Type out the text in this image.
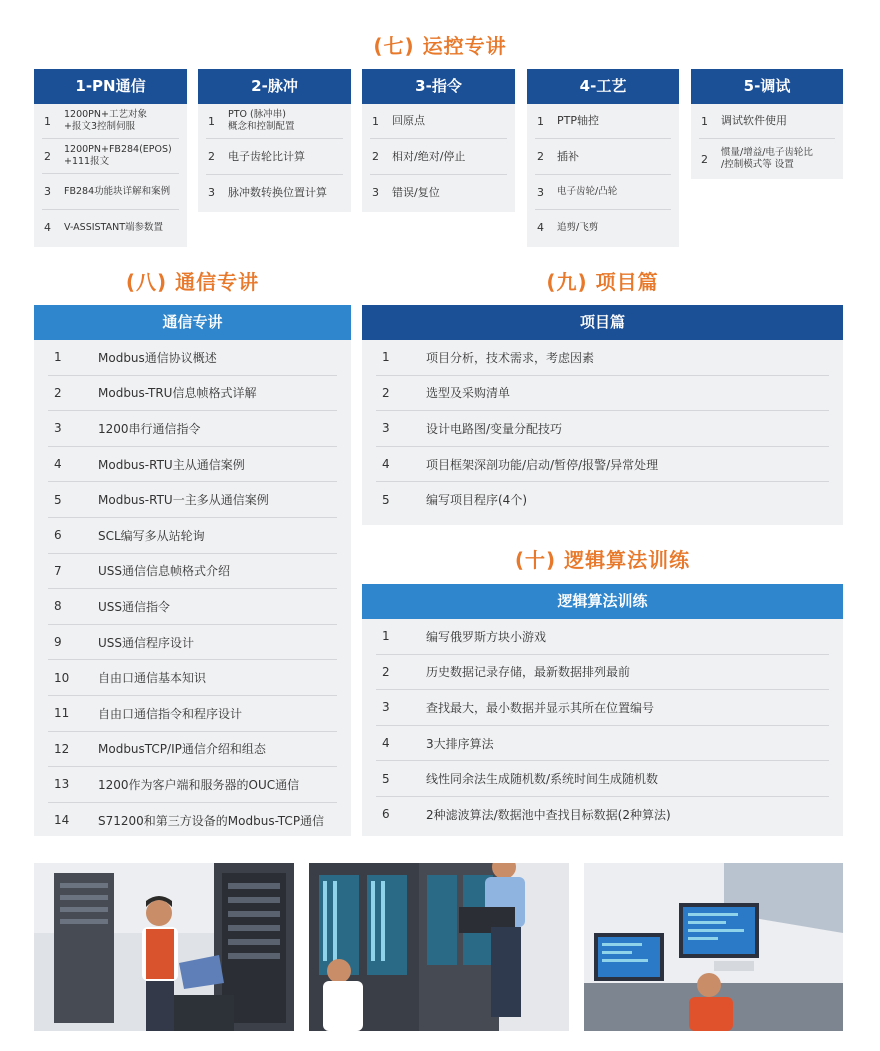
(七) 运控专讲
1-PN通信
1	1200PN+工艺对象
+报文3控制伺服
2	1200PN+FB284(EPOS)
+111报文
3	FB284功能块详解和案例
4	V-ASSISTANT端参数置
2-脉冲
1	PTO (脉冲串)
概念和控制配置
2	电子齿轮比计算
3	脉冲数转换位置计算
3-指令
1	回原点
2	相对/绝对/停止
3	错误/复位
4-工艺
1	PTP轴控
2	插补
3	电子齿轮/凸轮
4	追剪/飞剪
5-调试
1	调试软件使用
2	惯量/增益/电子齿轮比
/控制模式等 设置
(八) 通信专讲
通信专讲
1	Modbus通信协议概述
2	Modbus-TRU信息帧格式详解
3	1200串行通信指令
4	Modbus-RTU主从通信案例
5	Modbus-RTU一主多从通信案例
6	SCL编写多从站轮询
7	USS通信信息帧格式介绍
8	USS通信指令
9	USS通信程序设计
10	自由口通信基本知识
11	自由口通信指令和程序设计
12	ModbusTCP/IP通信介绍和组态
13	1200作为客户端和服务器的OUC通信
14	S71200和第三方设备的Modbus-TCP通信
(九) 项目篇
项目篇
1	项目分析，技术需求，考虑因素
2	选型及采购清单
3	设计电路图/变量分配技巧
4	项目框架深剖功能/启动/暂停/报警/异常处理
5	编写项目程序(4个)
(十) 逻辑算法训练
逻辑算法训练
1	编写俄罗斯方块小游戏
2	历史数据记录存储，最新数据排列最前
3	查找最大，最小数据并显示其所在位置编号
4	3大排序算法
5	线性同余法生成随机数/系统时间生成随机数
6	2种滤波算法/数据池中查找目标数据(2种算法)
